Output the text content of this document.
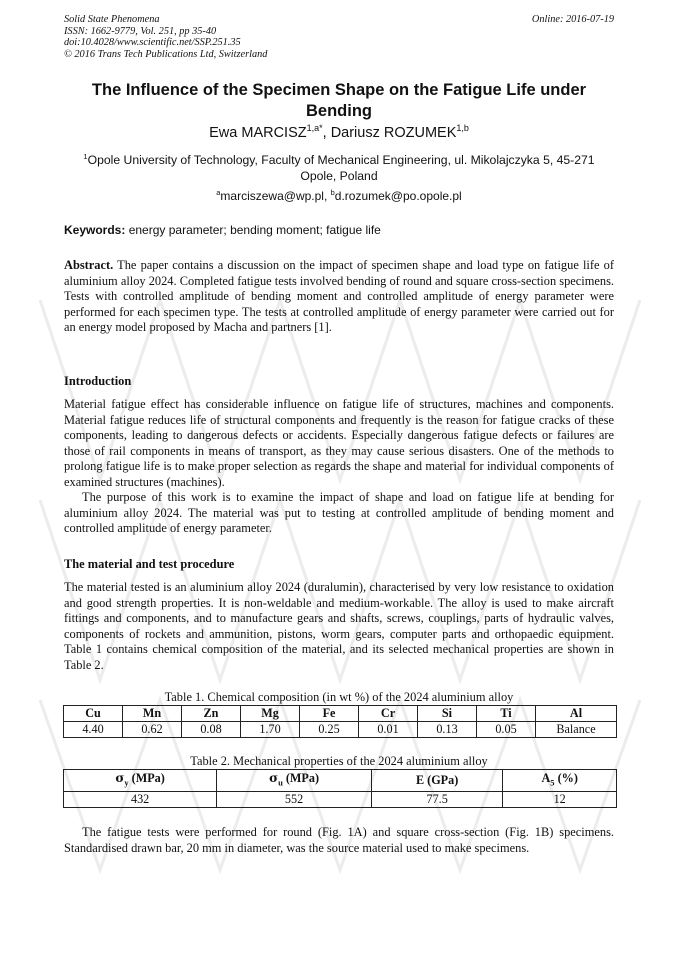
Solid State Phenomena
ISSN: 1662-9779, Vol. 251, pp 35-40
doi:10.4028/www.scientific.net/SSP.251.35
© 2016 Trans Tech Publications Ltd, Switzerland
Online: 2016-07-19
The Influence of the Specimen Shape on the Fatigue Life under Bending
Ewa $MARCISZ^{1,a*}$, Dariusz ROZUMEK$^{1,b}$
$^1$Opole University of Technology, Faculty of Mechanical Engineering, ul. Mikolajczyka 5, 45-271 Opole, Poland
$^a$marciszewa@wp.pl, $^b$d.rozumek@po.opole.pl
Keywords: energy parameter; bending moment; fatigue life
Abstract. The paper contains a discussion on the impact of specimen shape and load type on fatigue life of aluminium alloy 2024. Completed fatigue tests involved bending of round and square cross-section specimens. Tests with controlled amplitude of bending moment and controlled amplitude of energy parameter were performed for each specimen type. The tests at controlled amplitude of energy parameter were carried out for an energy model proposed by Macha and partners [1].
Introduction
Material fatigue effect has considerable influence on fatigue life of structures, machines and components. Material fatigue reduces life of structural components and frequently is the reason for fatigue cracks of these components, leading to dangerous defects or accidents. Especially dangerous fatigue defects or failures are those of rail components in means of transport, as they may cause serious disasters. One of the methods to prolong fatigue life is to make proper selection as regards the shape and material for individual components of examined structures (machines).
The purpose of this work is to examine the impact of shape and load on fatigue life at bending for aluminium alloy 2024. The material was put to testing at controlled amplitude of bending moment and controlled amplitude of energy parameter.
The material and test procedure
The material tested is an aluminium alloy 2024 (duralumin), characterised by very low resistance to oxidation and good strength properties. It is non-weldable and medium-workable. The alloy is used to make aircraft fittings and components, and to manufacture gears and shafts, screws, couplings, parts of hydraulic valves, components of rockets and ammunition, pistons, worm gears, computer parts and orthopaedic equipment. Table 1 contains chemical composition of the material, and its selected mechanical properties are shown in Table 2.
Table 1. Chemical composition (in wt %) of the 2024 aluminium alloy
Cu	Mn	Zn	Mg	Fe	Cr	Si	Ti	Al
4.40	0.62	0.08	1.70	0.25	0.01	0.13	0.05	Balance
Table 2. Mechanical properties of the 2024 aluminium alloy
$\sigma_y$ (MPa)	$\sigma_u$ (MPa)	E (GPa)	$A_5$ (%)
432	552	77.5	12
The fatigue tests were performed for round (Fig. 1A) and square cross-section (Fig. 1B) specimens. Standardised drawn bar, 20 mm in diameter, was the source material used to make specimens.
